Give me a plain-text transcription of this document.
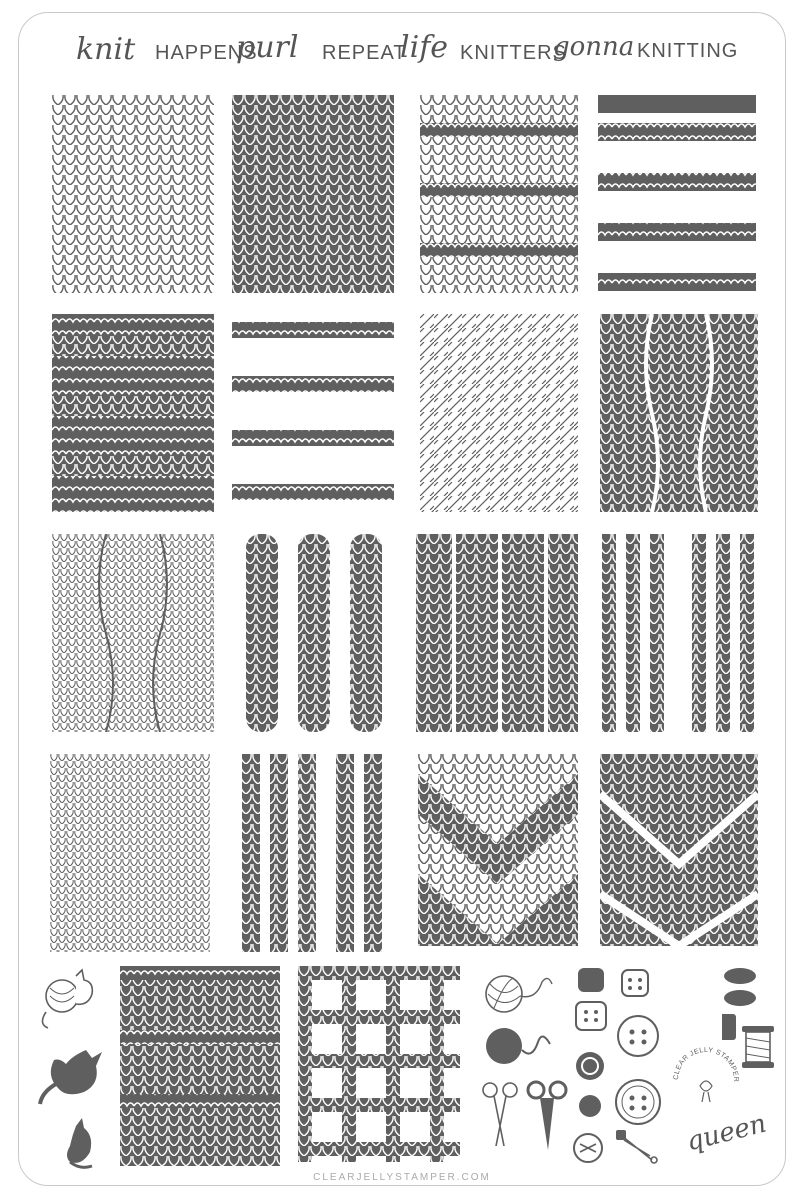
knit HAPPENS
purl REPEAT
life KNITTERS
gonna KNITTING
CLEAR JELLY STAMPER
queen
CLEARJELLYSTAMPER.COM
